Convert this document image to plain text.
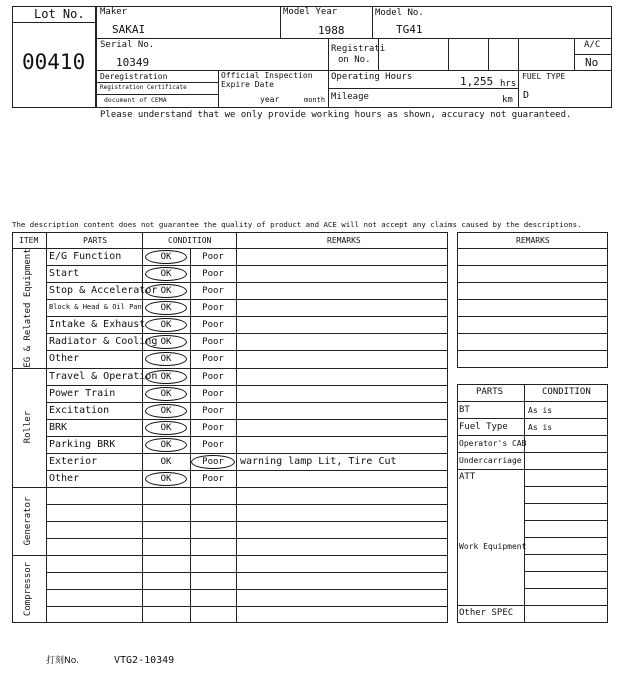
Lot No.
00410
Maker
SAKAI
Model Year
1988
Model No.
TG41
Serial No.
10349
Registrati
on No.
A/C
No
Deregistration
Registration Certificate
document of CEMA
Official Inspection
Expire Date
year	month
Operating Hours	1,255 hrs
Mileage	km
FUEL TYPE
D
Please understand that we only provide working hours as shown, accuracy not guaranteed.
The description content does not guarantee the quality of product and ACE will not accept any claims caused by the descriptions.
ITEM	PARTS	CONDITION	REMARKS
EG & Related Equipment
Roller
Generator
Compressor
E/G Function	OK	Poor
Start	OK	Poor
Stop & Accelerator OK	Poor
Block & Head & Oil Pan	OK	Poor
Intake & Exhaust	OK	Poor
Radiator & Cooling OK	Poor
Other	OK	Poor
Travel & Operation OK	Poor
Power Train	OK	Poor
Excitation	OK	Poor
BRK	OK	Poor
Parking BRK	OK	Poor
Exterior	OK	Poor	warning lamp Lit, Tire Cut
Other	OK	Poor
REMARKS
PARTS	CONDITION
BT	As is
Fuel Type	As is
Operator's CAB
Undercarriage
ATT
Work Equipment
Other SPEC
打刻No.	VTG2-10349
